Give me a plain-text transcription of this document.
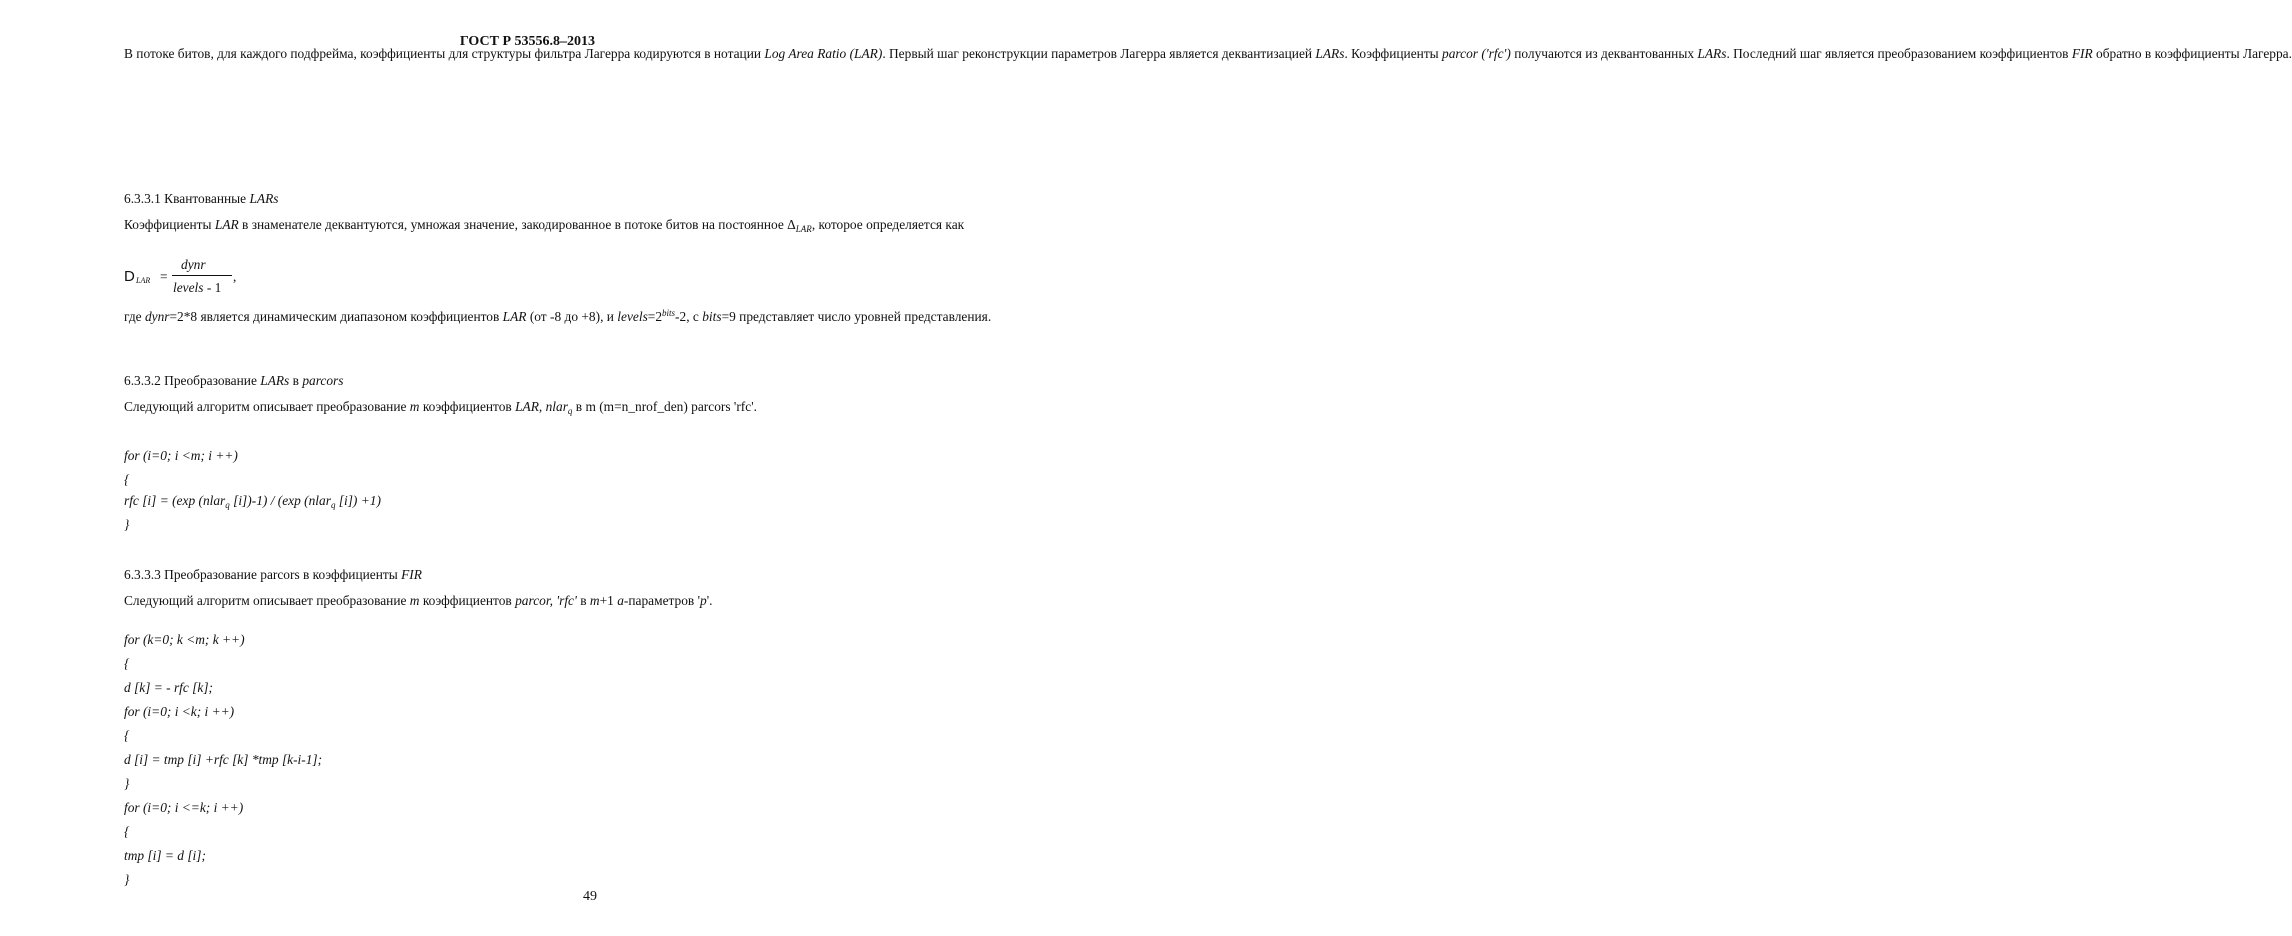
ГОСТ Р 53556.8–2013

В потоке битов, для каждого подфрейма, коэффициенты для структуры фильтра Лагерра кодируются в нотации Log Area Ratio (LAR). Первый шаг реконструкции параметров Лагерра является деквантизацией LARs. Коэффициенты parcor ('rfc') получаются из деквантованных LARs. Последний шаг является преобразованием коэффициентов FIR обратно в коэффициенты Лагерра.

6.3.3.1 Квантованные LARs

Коэффициенты LAR в знаменателе деквантуются, умножая значение, закодированное в потоке битов на постоянное $\Delta_{LAR}$, которое определяется как

D LAR =
dynr
levels - 1
,

где dynr=2*8 является динамическим диапазоном коэффициентов LAR (от -8 до +8), и $levels=2^{bits}-2$, с bits=9 представляет число уровней представления.

6.3.3.2 Преобразование LARs в parcors

Следующий алгоритм описывает преобразование m коэффициентов LAR, nlar$_q$ в m (m=n_nrof_den) parcors 'rfc'.

for (i=0; i <m; i ++)
{
rfc [i] = (exp (nlar$_q$ [i])-1) / (exp (nlar$_q$ [i]) +1)
}
6.3.3.3 Преобразование parcors в коэффициенты FIR

Следующий алгоритм описывает преобразование m коэффициентов parcor, 'rfc' в m+1 a-параметров 'p'.

for (k=0; k <m; k ++)
{
d [k] = - rfc [k];
for (i=0; i <k; i ++)
{
d [i] = tmp [i] +rfc [k] *tmp [k-i-1];
}
for (i=0; i <=k; i ++)
{
tmp [i] = d [i];
}
49
